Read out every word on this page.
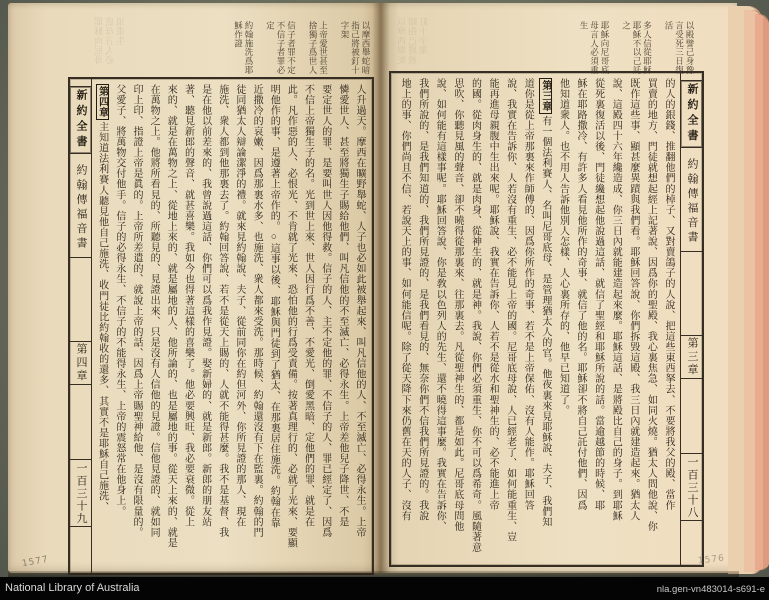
耶穌向尼哥底母言人必須重生	以摩西舉蛇暗指己將被釘十字架
上帝愛世甚至捨獨子爲世人
信子者罪不定不信子者罪必定
約翰施洗爲耶穌作證
新約全書
約翰傳福音書
第四章
一百三十九	人升過天。摩西在曠野舉蛇、人子也必如此被舉起來、叫凡信他的人、不至滅亡、必得永生。上帝
憐愛世人、甚至將獨生子賜給他們、叫凡信他的不至滅亡、必得永生。上帝差他兒子降世、不是
要定世人的罪、是要叫世人因他得救。信子的人、主不定他的罪、不信子的人、罪已經定了、因爲
不信上帝獨生子的名。光到世上來、世人因行爲不善、不愛光、倒愛黑暗、定他們的罪、就是在
此。凡作惡的人、必恨光、不肯就了光來、恐怕他的行爲受責備。按著真理行的、必就了光來、要顯
明他作的事、是遵著上帝作的。○這事以後、耶穌與門徒到了猶太、在那裏居住施洗。約翰在靠
近撒冷的哀嫩、因爲那裏水多、也施洗、衆人都來受洗。那時候、約翰還沒有下在監裏。約翰的門
徒同猶太人辯論潔淨的禮。就來見約翰說、夫子、從前同你在約但河外、你所見證的那人、現在
施洗、衆人都到他那裏去了。約翰回答說、若不是從天上賜的、人就不能得甚麼。我不是基督、我
是在他以前差來的、我曾說過這話、你們可以爲我作見證。娶新婦的、就是新郎。新郎的朋友站
著、聽見新郎的聲音、就甚喜樂。我如今也得著這樣的喜樂了。他必要興旺、我必要衰微。從上
來的、就是在萬物之上、從地上來的、就是屬地的人、他所論的、也是屬地的事。從天上來的、就是
在萬物之上。他將所看見的、所聽見的、見證出來、只是沒有人信他的見證。信他見證的、就如同
印上印、指證上帝是眞的。上帝所差遣的、就說上帝的話、因爲上帝賜聖神給他、是沒有限量的。
父愛子、將萬物交付他手。信子的必得永生、不信子的不能得永生、上帝的震怒常在他身上。
第四章主知道法利賽人聽見他自己施洗、收門徒比約翰收的還多、其實不是耶穌自己施洗、
以摩西舉蛇暗指己將被釘十字架	以殿譬己身豫言受死三日復活
多人信從耶穌耶穌不以己託之
耶穌向尼哥底母言人必須重生
新約全書
約翰傳福音書
第三章
一百三十八
的人的銀錢、推翻他們的棹子、又對賣鴿子的人說、把這些東西拏去、不要將我父的殿、當作
買賣的地方、門徒就想起經上記著說、因爲你的聖殿、我心裏焦急、如同火燒。猶太人問他說、你
既作這些事、顯甚麼異蹟與我們看。耶穌回答說、你們拆毀這殿、我三日內就建造起來。猶太人
說、這殿四十六年纔造成、你三日內就能建造起來麼。耶穌這話、是將殿比自己的身子。到耶穌
從死裏復活以後、門徒纔想起他說過這話、就信了聖經和耶穌所說的話。當逾越節的時候、耶
穌在耶路撒冷、有許多人看見他所作的奇事、就信了他的名。耶穌卻不將自己託付他們、因爲
他知道衆人。也不用人告訴他別人怎樣、人心裏所存的、他早已知道了。
第三章有一個法利賽人、名叫尼哥底母、是管理猶太人的官。他夜裏來見耶穌說、夫子、我們知
道你是從上帝那裏來作師傅的、因爲你所作的奇事、若不是上帝保佑、沒有人能作。耶穌回答
說、我實在告訴你、人若沒有重生、必不能見上帝的國。尼哥底母說、人已經老了、如何能重生、豈
能再進母親腹中生出來呢。耶穌說、我實在告訴你、人若不是從水和聖神生的、必不能進上帝
的國。從肉身生的、就是肉身、從神生的、就是神。我說、你們必須重生、你不可以爲希奇。風隨著意
思吹、你聽見風的聲音、卻不曉得從那裏來、往那裏去。凡從聖神生的、都是如此。尼哥底母問他
說、如何能有這樣事呢。耶穌回答說、你是敎以色列人的先生、還不曉得這事麼。我實在告訴你、
我們所說的、是我們知道的、我們所見證的、是我們看見的、無奈你們不信我們所見證的。我說
地上的事、你們尚且不信、若說天上的事、如何能信呢。除了從天降下來仍舊在天的人子、沒有
1577	1576
National Library of Australia	nla.gen-vn483014-s691-e
